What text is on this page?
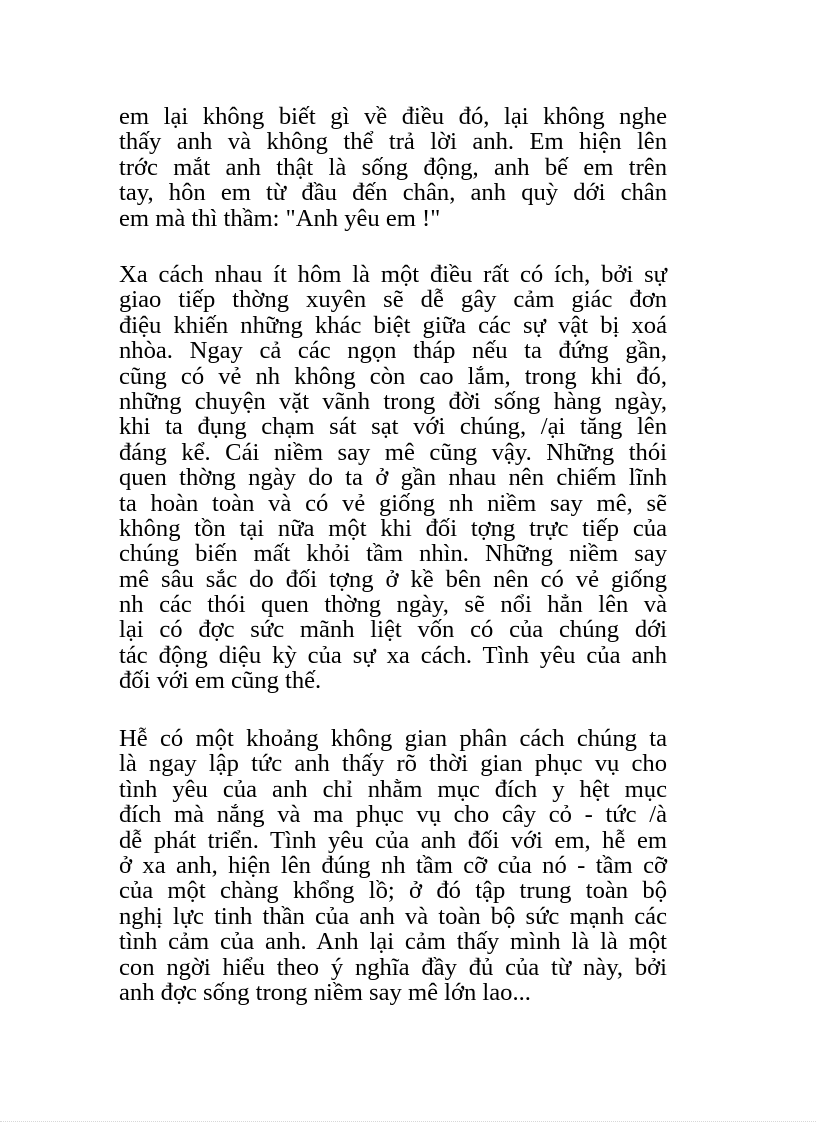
em lại không biết gì về điều đó, lại không nghe
thấy anh và không thể trả lời anh. Em hiện lên
trớc mắt anh thật là sống động, anh bế em trên
tay, hôn em từ đầu đến chân, anh quỳ dới chân
em mà thì thầm: "Anh yêu em !"
Xa cách nhau ít hôm là một điều rất có ích, bởi sự
giao tiếp thờng xuyên sẽ dễ gây cảm giác đơn
điệu khiến những khác biệt giữa các sự vật bị xoá
nhòa. Ngay cả các ngọn tháp nếu ta đứng gần,
cũng có vẻ nh không còn cao lắm, trong khi đó,
những chuyện vặt vãnh trong đời sống hàng ngày,
khi ta đụng chạm sát sạt với chúng, /ại tăng lên
đáng kể. Cái niềm say mê cũng vậy. Những thói
quen thờng ngày do ta ở gần nhau nên chiếm lĩnh
ta hoàn toàn và có vẻ giống nh niềm say mê, sẽ
không tồn tại nữa một khi đối tợng trực tiếp của
chúng biến mất khỏi tầm nhìn. Những niềm say
mê sâu sắc do đối tợng ở kề bên nên có vẻ giống
nh các thói quen thờng ngày, sẽ nổi hẳn lên và
lại có đợc sức mãnh liệt vốn có của chúng dới
tác động diệu kỳ của sự xa cách. Tình yêu của anh
đối với em cũng thế.
Hễ có một khoảng không gian phân cách chúng ta
là ngay lập tức anh thấy rõ thời gian phục vụ cho
tình yêu của anh chỉ nhằm mục đích y hệt mục
đích mà nắng và ma phục vụ cho cây cỏ - tức /à
dễ phát triển. Tình yêu của anh đối với em, hễ em
ở xa anh, hiện lên đúng nh tầm cỡ của nó - tầm cỡ
của một chàng khổng lồ; ở đó tập trung toàn bộ
nghị lực tinh thần của anh và toàn bộ sức mạnh các
tình cảm của anh. Anh lại cảm thấy mình là là một
con ngời hiểu theo ý nghĩa đầy đủ của từ này, bởi
anh đợc sống trong niềm say mê lớn lao...
